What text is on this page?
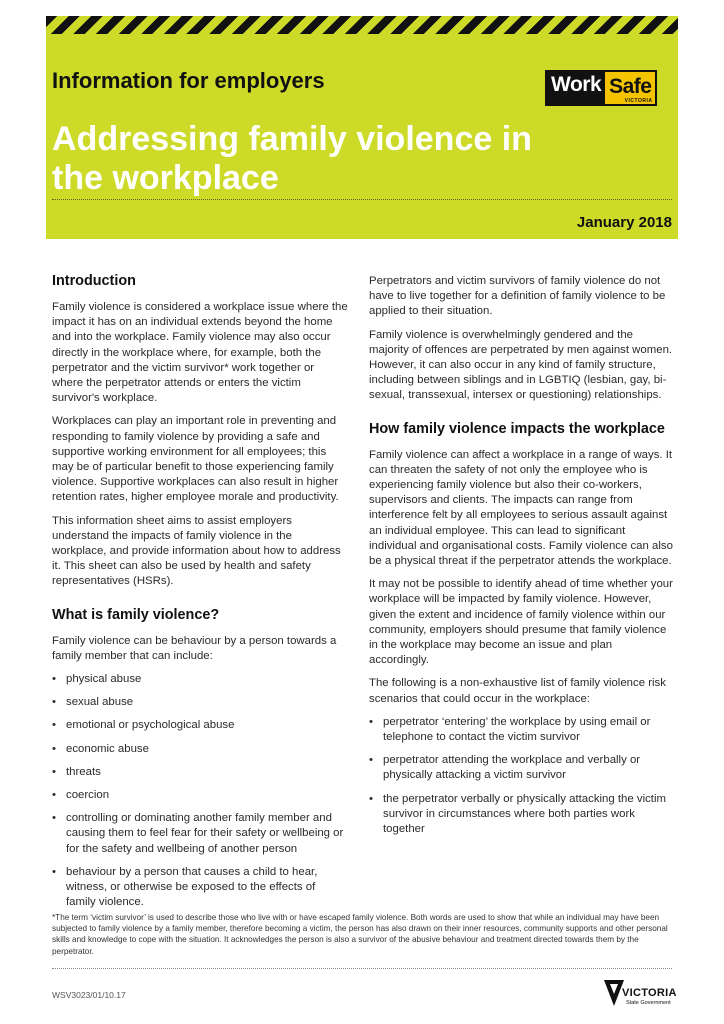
Information for employers
Addressing family violence in the workplace
Work Safe
VICTORIA
January 2018
Introduction

Family violence is considered a workplace issue where the impact it has on an individual extends beyond the home and into the workplace. Family violence may also occur directly in the workplace where, for example, both the perpetrator and the victim survivor* work together or where the perpetrator attends or enters the victim survivor's workplace.

Workplaces can play an important role in preventing and responding to family violence by providing a safe and supportive working environment for all employees; this may be of particular benefit to those experiencing family violence. Supportive workplaces can also result in higher retention rates, higher employee morale and productivity.

This information sheet aims to assist employers understand the impacts of family violence in the workplace, and provide information about how to address it. This sheet can also be used by health and safety representatives (HSRs).

What is family violence?

Family violence can be behaviour by a person towards a family member that can include:

• physical abuse
• sexual abuse
• emotional or psychological abuse
• economic abuse
• threats
• coercion
• controlling or dominating another family member and causing them to feel fear for their safety or wellbeing or for the safety and wellbeing of another person
• behaviour by a person that causes a child to hear, witness, or otherwise be exposed to the effects of family violence.

Perpetrators and victim survivors of family violence do not have to live together for a definition of family violence to be applied to their situation.

Family violence is overwhelmingly gendered and the majority of offences are perpetrated by men against women. However, it can also occur in any kind of family structure, including between siblings and in LGBTIQ (lesbian, gay, bi-sexual, transsexual, intersex or questioning) relationships.

How family violence impacts the workplace

Family violence can affect a workplace in a range of ways. It can threaten the safety of not only the employee who is experiencing family violence but also their co-workers, supervisors and clients. The impacts can range from interference felt by all employees to serious assault against an individual employee. This can lead to significant individual and organisational costs. Family violence can also be a physical threat if the perpetrator attends the workplace.

It may not be possible to identify ahead of time whether your workplace will be impacted by family violence. However, given the extent and incidence of family violence within our community, employers should presume that family violence in the workplace may become an issue and plan accordingly.

The following is a non-exhaustive list of family violence risk scenarios that could occur in the workplace:

• perpetrator ‘entering’ the workplace by using email or telephone to contact the victim survivor
• perpetrator attending the workplace and verbally or physically attacking a victim survivor
• the perpetrator verbally or physically attacking the victim survivor in circumstances where both parties work together
*The term ‘victim survivor’ is used to describe those who live with or have escaped family violence. Both words are used to show that while an individual may have been subjected to family violence by a family member, therefore becoming a victim, the person has also drawn on their inner resources, community supports and other personal skills and knowledge to cope with the situation. It acknowledges the person is also a survivor of the abusive behaviour and treatment directed towards them by the perpetrator.
WSV3023/01/10.17	VICTORIA
State Government
